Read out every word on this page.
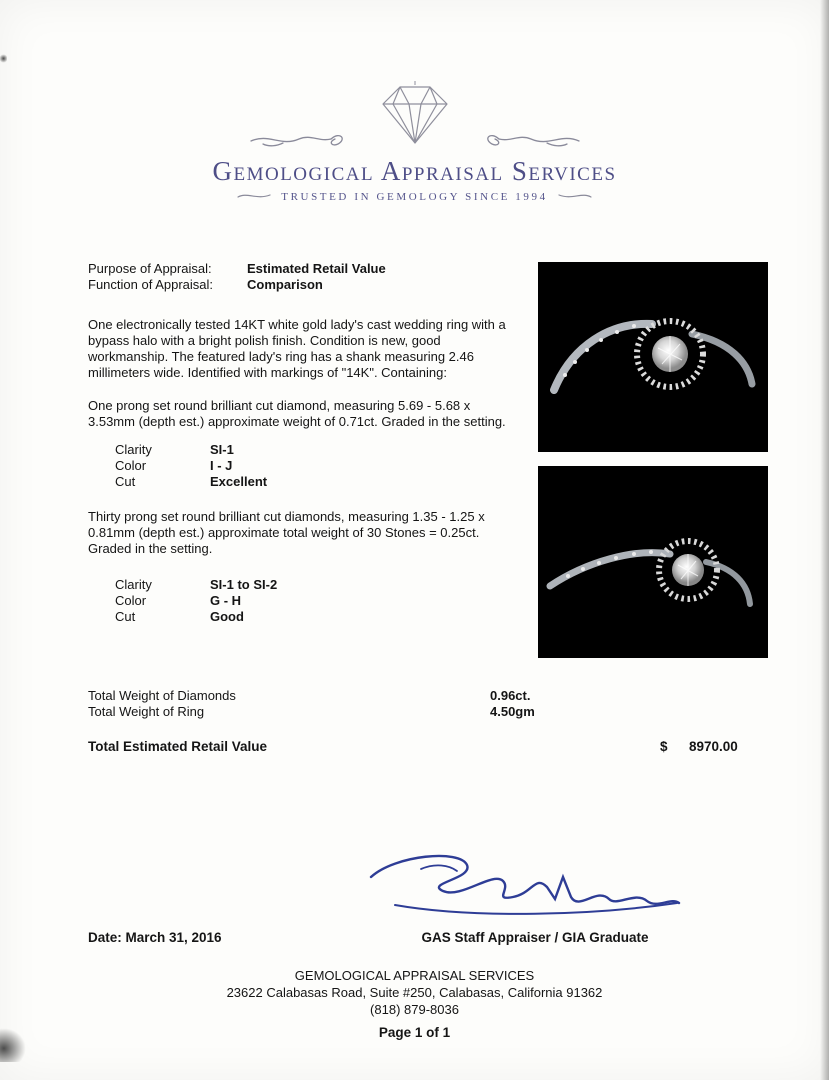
Gemological Appraisal Services
TRUSTED IN GEMOLOGY SINCE 1994
Purpose of Appraisal:	Estimated Retail Value
Function of Appraisal:	Comparison

One electronically tested 14KT white gold lady's cast wedding ring with a bypass halo with a bright polish finish. Condition is new, good workmanship. The featured lady's ring has a shank measuring 2.46 millimeters wide. Identified with markings of "14K". Containing:

One prong set round brilliant cut diamond, measuring 5.69 - 5.68 x 3.53mm (depth est.) approximate weight of 0.71ct. Graded in the setting.

Clarity	SI-1
Color	I - J
Cut	Excellent

Thirty prong set round brilliant cut diamonds, measuring 1.35 - 1.25 x 0.81mm (depth est.) approximate total weight of 30 Stones = 0.25ct. Graded in the setting.

Clarity	SI-1 to SI-2
Color	G - H
Cut	Good
Total Weight of Diamonds	0.96ct.
Total Weight of Ring	4.50gm
Total Estimated Retail Value	$ 8970.00
Date: March 31, 2016	GAS Staff Appraiser / GIA Graduate
GEMOLOGICAL APPRAISAL SERVICES
23622 Calabasas Road, Suite #250, Calabasas, California 91362
(818) 879-8036
Page 1 of 1
